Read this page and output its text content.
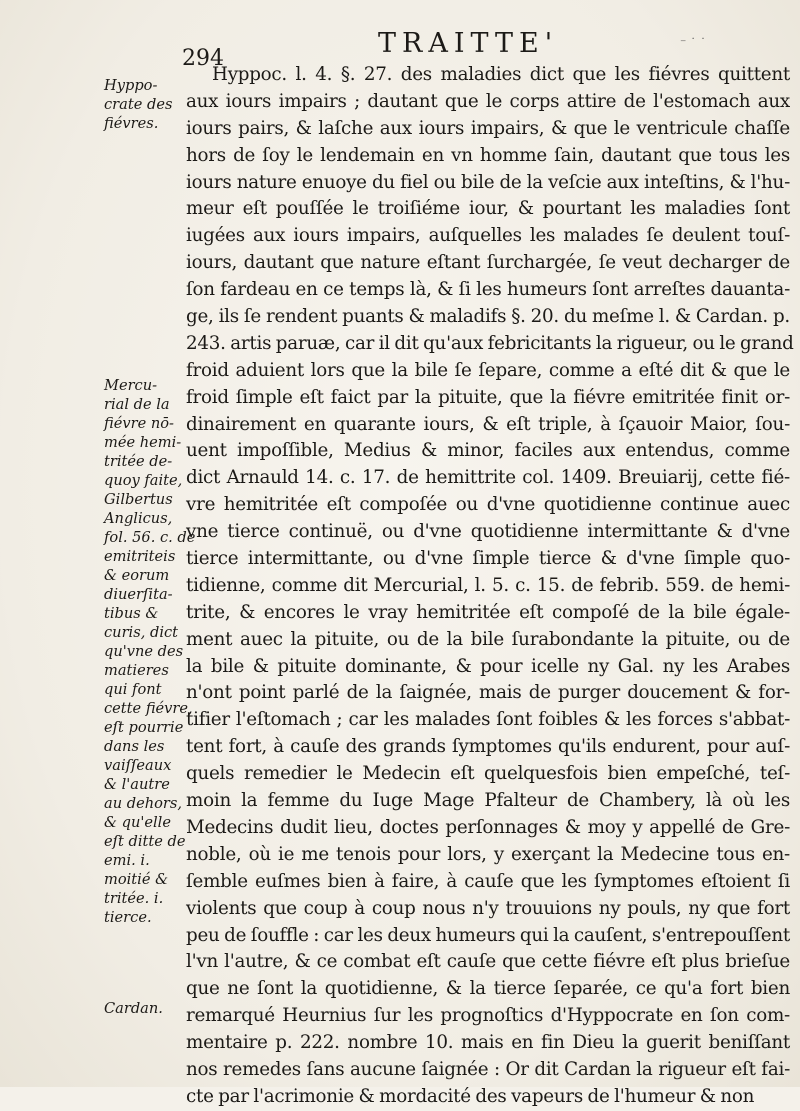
294	TRAITTE'	⁻ ˙ ˙
Hyppo-
crate des
fiévres.
Mercu-
rial de la
fiévre nō-
mée hemi-
tritée de-
quoy faite,
Gilbertus
Anglicus,
fol. 56. c. de
emitriteis
& eorum
diuerſita-
tibus &
curis, dict
qu'vne des
matieres
qui font
cette fiévre,
eſt pourrie
dans les
vaiſſeaux
& l'autre
au dehors,
& qu'elle
eſt ditte de
emi. i.
moitié &
tritée. i.
tierce.
Cardan.
Hyppoc. l. 4. §. 27. des maladies dict que les fiévres quittent
aux iours impairs ; dautant que le corps attire de l'estomach aux
iours pairs, & laſche aux iours impairs, & que le ventricule chaſſe
hors de ſoy le lendemain en vn homme ſain, dautant que tous les
iours nature enuoye du fiel ou bile de la veſcie aux inteſtins, & l'hu-
meur eſt pouſſée le troiſiéme iour, & pourtant les maladies ſont
iugées aux iours impairs, auſquelles les malades ſe deulent touſ-
iours, dautant que nature eſtant ſurchargée, ſe veut decharger de
ſon fardeau en ce temps là, & ſi les humeurs ſont arreſtes dauanta-
ge, ils ſe rendent puants & maladifs §. 20. du meſme l. & Cardan. p.
243. artis paruæ, car il dit qu'aux febricitants la rigueur, ou le grand
froid aduient lors que la bile ſe ſepare, comme a eſté dit & que le
froid ſimple eſt faict par la pituite, que la fiévre emitritée finit or-
dinairement en quarante iours, & eſt triple, à ſçauoir Maior, ſou-
uent impoſſible, Medius & minor, faciles aux entendus, comme
dict Arnauld 14. c. 17. de hemittrite col. 1409. Breuiarij, cette fié-
vre hemitritée eſt compoſée ou d'vne quotidienne continue auec
vne tierce continuë, ou d'vne quotidienne intermittante & d'vne
tierce intermittante, ou d'vne ſimple tierce & d'vne ſimple quo-
tidienne, comme dit Mercurial, l. 5. c. 15. de febrib. 559. de hemi-
trite, & encores le vray hemitritée eſt compoſé de la bile égale-
ment auec la pituite, ou de la bile ſurabondante la pituite, ou de
la bile & pituite dominante, & pour icelle ny Gal. ny les Arabes
n'ont point parlé de la ſaignée, mais de purger doucement & for-
tifier l'eſtomach ; car les malades ſont foibles & les forces s'abbat-
tent fort, à cauſe des grands ſymptomes qu'ils endurent, pour auſ-
quels remedier le Medecin eſt quelquesfois bien empeſché, teſ-
moin la femme du Iuge Mage Pfalteur de Chambery, là où les
Medecins dudit lieu, doctes perſonnages & moy y appellé de Gre-
noble, où ie me tenois pour lors, y exerçant la Medecine tous en-
ſemble euſmes bien à faire, à cauſe que les ſymptomes eſtoient ſi
violents que coup à coup nous n'y trouuions ny pouls, ny que fort
peu de ſouffle : car les deux humeurs qui la cauſent, s'entrepouſſent
l'vn l'autre, & ce combat eſt cauſe que cette fiévre eſt plus brieſue
que ne ſont la quotidienne, & la tierce ſeparée, ce qu'a fort bien
remarqué Heurnius ſur les prognoſtics d'Hyppocrate en ſon com-
mentaire p. 222. nombre 10. mais en fin Dieu la guerit beniſſant
nos remedes ſans aucune ſaignée : Or dit Cardan la rigueur eſt fai-
cte par l'acrimonie & mordacité des vapeurs de l'humeur & non
